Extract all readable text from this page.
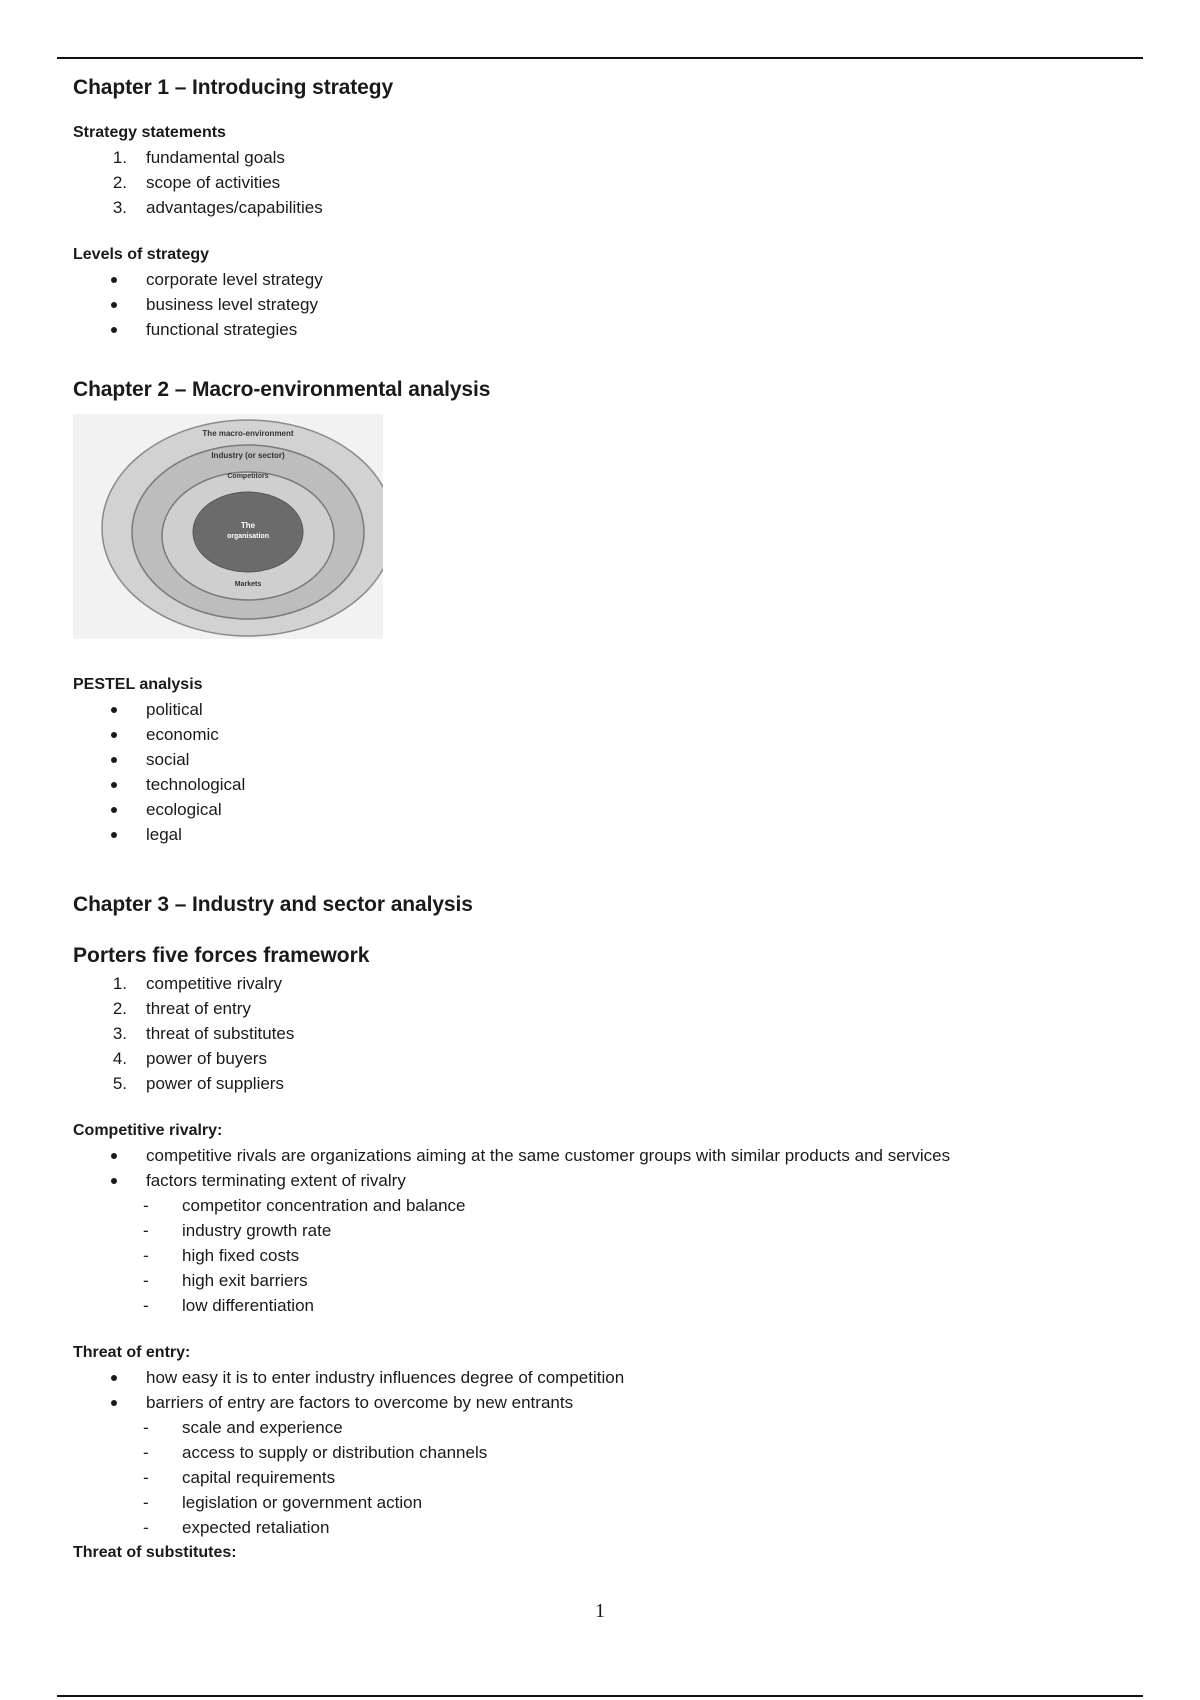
Chapter 1 – Introducing strategy
Strategy statements
1. fundamental goals
2. scope of activities
3. advantages/capabilities
Levels of strategy
corporate level strategy
business level strategy
functional strategies
Chapter 2 – Macro-environmental analysis
The macro-environment
Industry (or sector)
Competitors
The
organisation
Markets
PESTEL analysis
political
economic
social
technological
ecological
legal
Chapter 3 – Industry and sector analysis
Porters five forces framework
1. competitive rivalry
2. threat of entry
3. threat of substitutes
4. power of buyers
5. power of suppliers
Competitive rivalry:
competitive rivals are organizations aiming at the same customer groups with similar products and services
factors terminating extent of rivalry
- competitor concentration and balance
- industry growth rate
- high fixed costs
- high exit barriers
- low differentiation
Threat of entry:
how easy it is to enter industry influences degree of competition
barriers of entry are factors to overcome by new entrants
- scale and experience
- access to supply or distribution channels
- capital requirements
- legislation or government action
- expected retaliation
Threat of substitutes:
1
